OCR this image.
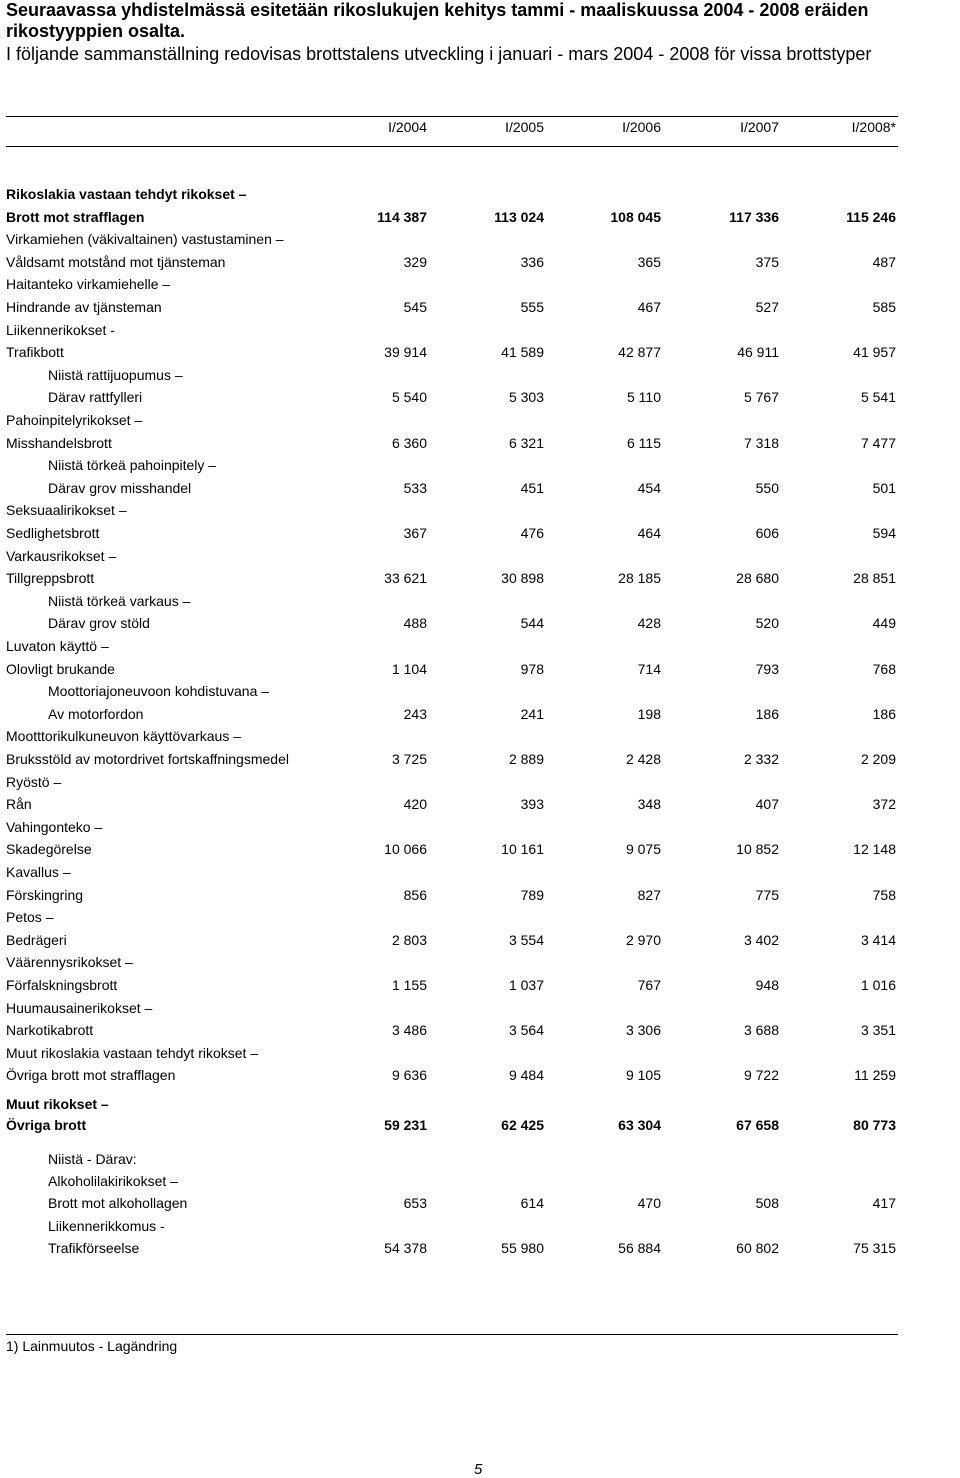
Seuraavassa yhdistelmässä esitetään rikoslukujen kehitys tammi - maaliskuussa 2004 - 2008 eräiden rikostyyppien osalta.
I följande sammanställning redovisas brottstalens utveckling i januari - mars 2004 - 2008 för vissa brottstyper
I/2004	I/2005	I/2006	I/2007	I/2008*
Rikoslakia vastaan tehdyt rikokset –
Brott mot strafflagen	114 387	113 024	108 045	117 336	115 246
Virkamiehen (väkivaltainen) vastustaminen –
Våldsamt motstånd mot tjänsteman	329	336	365	375	487
Haitanteko virkamiehelle –
Hindrande av tjänsteman	545	555	467	527	585
Liikennerikokset -
Trafikbott	39 914	41 589	42 877	46 911	41 957
Niistä rattijuopumus –
Därav rattfylleri	5 540	5 303	5 110	5 767	5 541
Pahoinpitelyrikokset –
Misshandelsbrott	6 360	6 321	6 115	7 318	7 477
Niistä törkeä pahoinpitely –
Därav grov misshandel	533	451	454	550	501
Seksuaalirikokset –
Sedlighetsbrott	367	476	464	606	594
Varkausrikokset –
Tillgreppsbrott	33 621	30 898	28 185	28 680	28 851
Niistä törkeä varkaus –
Därav grov stöld	488	544	428	520	449
Luvaton käyttö –
Olovligt brukande	1 104	978	714	793	768
Moottoriajoneuvoon kohdistuvana –
Av motorfordon	243	241	198	186	186
Mootttorikulkuneuvon käyttövarkaus –
Bruksstöld av motordrivet fortskaffningsmedel	3 725	2 889	2 428	2 332	2 209
Ryöstö –
Rån	420	393	348	407	372
Vahingonteko –
Skadegörelse	10 066	10 161	9 075	10 852	12 148
Kavallus –
Förskingring	856	789	827	775	758
Petos –
Bedrägeri	2 803	3 554	2 970	3 402	3 414
Väärennysrikokset –
Förfalskningsbrott	1 155	1 037	767	948	1 016
Huumausainerikokset –
Narkotikabrott	3 486	3 564	3 306	3 688	3 351
Muut rikoslakia vastaan tehdyt rikokset –
Övriga brott mot strafflagen	9 636	9 484	9 105	9 722	11 259
Muut rikokset –
Övriga brott	59 231	62 425	63 304	67 658	80 773
Niistä - Därav:
Alkoholilakirikokset –
Brott mot alkohollagen	653	614	470	508	417
Liikennerikkomus -
Trafikförseelse	54 378	55 980	56 884	60 802	75 315
1) Lainmuutos - Lagändring
5
